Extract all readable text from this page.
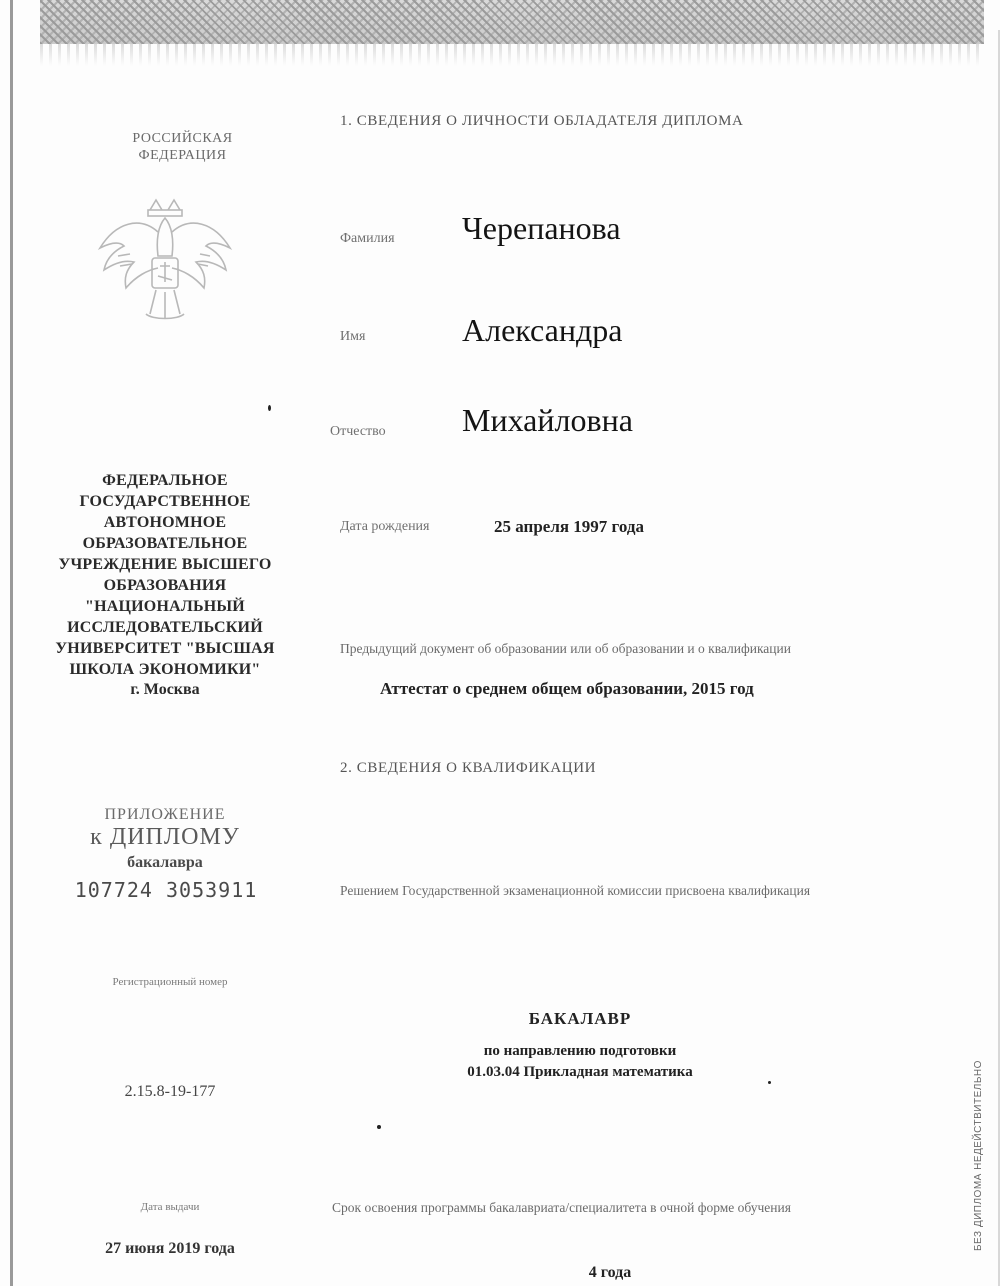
РОССИЙСКАЯ ФЕДЕРАЦИЯ
ФЕДЕРАЛЬНОЕ ГОСУДАРСТВЕННОЕ АВТОНОМНОЕ ОБРАЗОВАТЕЛЬНОЕ УЧРЕЖДЕНИЕ ВЫСШЕГО ОБРАЗОВАНИЯ "НАЦИОНАЛЬНЫЙ ИССЛЕДОВАТЕЛЬСКИЙ УНИВЕРСИТЕТ "ВЫСШАЯ ШКОЛА ЭКОНОМИКИ"
г. Москва
ПРИЛОЖЕНИЕ
к ДИПЛОМУ
бакалавра
107724 3053911
Регистрационный номер
2.15.8-19-177
Дата выдачи
27 июня 2019 года
1. СВЕДЕНИЯ О ЛИЧНОСТИ ОБЛАДАТЕЛЯ ДИПЛОМА
Фамилия Черепанова
Имя	Александра
Отчество Михайловна
Дата рождения	25 апреля 1997 года
Предыдущий документ об образовании или об образовании и о квалификации
Аттестат о среднем общем образовании, 2015 год
2. СВЕДЕНИЯ О КВАЛИФИКАЦИИ
Решением Государственной экзаменационной комиссии присвоена квалификация
БАКАЛАВР
по направлению подготовки
01.03.04 Прикладная математика
Срок освоения программы бакалавриата/специалитета в очной форме обучения
4 года
БЕЗ ДИПЛОМА НЕДЕЙСТВИТЕЛЬНО
